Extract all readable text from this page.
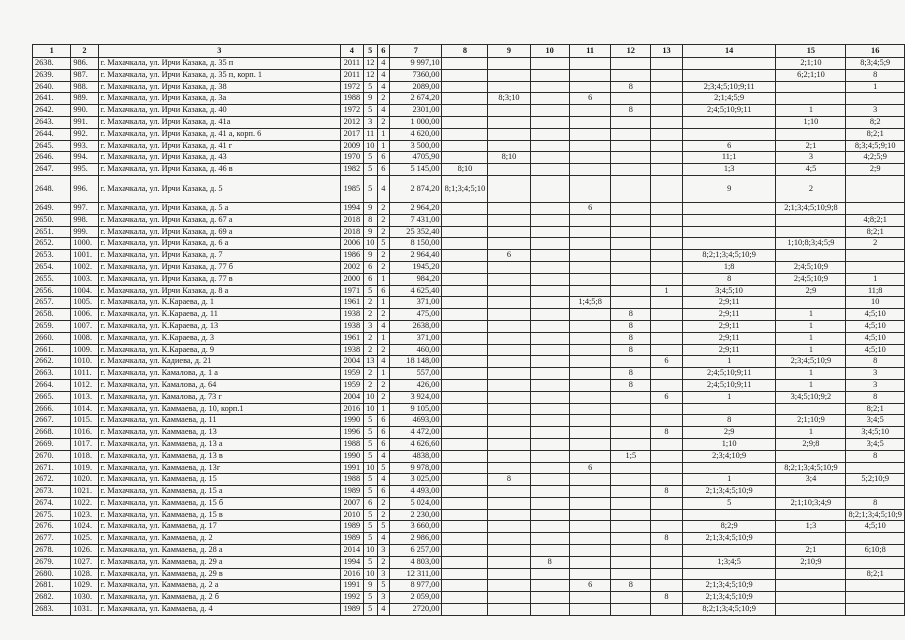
1	2	3	4	5	6	7	8	9	10	11	12	13	14	15	16
2638.	986.	г. Махачкала, ул. Ирчи Казака, д. 35 п	2011	12	4	9 997,10								2;1;10	8;3;4;5;9
2639.	987.	г. Махачкала, ул. Ирчи Казака, д. 35 п, корп. 1	2011	12	4	7360,00								6;2;1;10	8
2640.	988.	г. Махачкала, ул. Ирчи Казака, д. 38	1972	5	4	2089,00					8		2;3;4;5;10;9;11		1
2641.	989.	г. Махачкала, ул. Ирчи Казака, д. 3а	1988	9	2	2 674,20		8;3;10		6			2;1;4;5;9		
2642.	990.	г. Махачкала, ул. Ирчи Казака, д. 40	1972	5	4	2301,00					8		2;4;5;10;9;11	1	3
2643.	991.	г. Махачкала, ул. Ирчи Казака, д. 41а	2012	3	2	1 000,00								1;10	8;2
2644.	992.	г. Махачкала, ул. Ирчи Казака, д. 41 а, корп. 6	2017	11	1	4 620,00									8;2;1
2645.	993.	г. Махачкала, ул. Ирчи Казака, д. 41 г	2009	10	1	3 500,00							6	2;1	8;3;4;5;9;10
2646.	994.	г. Махачкала, ул. Ирчи Казака, д. 43	1970	5	6	4705,90		8;10					11;1	3	4;2;5;9
2647.	995.	г. Махачкала, ул. Ирчи Казака, д. 46 в	1982	5	6	5 145,00	8;10						1;3	4;5	2;9
2648.	996.	г. Махачкала, ул. Ирчи Казака, д. 5	1985	5	4	2 874,20	8;1;3;4;5;10						9	2	
2649.	997.	г. Махачкала, ул. Ирчи Казака, д. 5 а	1994	9	2	2 964,20				6				2;1;3;4;5;10;9;8	
2650.	998.	г. Махачкала, ул. Ирчи Казака, д. 67 а	2018	8	2	7 431,00									4;8;2;1
2651.	999.	г. Махачкала, ул. Ирчи Казака, д. 69 а	2018	9	2	25 352,40									8;2;1
2652.	1000.	г. Махачкала, ул. Ирчи Казака, д. 6 а	2006	10	5	8 150,00								1;10;8;3;4;5;9	2
2653.	1001.	г. Махачкала, ул. Ирчи Казака, д. 7	1986	9	2	2 964,40		6					8;2;1;3;4;5;10;9		
2654.	1002.	г. Махачкала, ул. Ирчи Казака, д. 77 б	2002	6	2	1945,20							1;8	2;4;5;10;9	
2655.	1003.	г. Махачкала, ул. Ирчи Казака, д. 77 в	2000	6	1	984,20							8	2;4;5;10;9	1
2656.	1004.	г. Махачкала, ул. Ирчи Казака, д. 8 а	1971	5	6	4 625,40						1	3;4;5;10	2;9	11;8
2657.	1005.	г. Махачкала, ул. К.Караева, д. 1	1961	2	1	371,00				1;4;5;8			2;9;11		10
2658.	1006.	г. Махачкала, ул. К.Караева, д. 11	1938	2	2	475,00					8		2;9;11	1	4;5;10
2659.	1007.	г. Махачкала, ул. К.Караева, д. 13	1938	3	4	2638,00					8		2;9;11	1	4;5;10
2660.	1008.	г. Махачкала, ул. К.Караева, д. 3	1961	2	1	371,00					8		2;9;11	1	4;5;10
2661.	1009.	г. Махачкала, ул. К.Караева, д. 9	1938	2	2	460,00					8		2;9;11	1	4;5;10
2662.	1010.	г. Махачкала, ул. Кадиева, д. 21	2004	13	4	18 148,00						6	1	2;3;4;5;10;9	8
2663.	1011.	г. Махачкала, ул. Камалова, д. 1 а	1959	2	1	557,00					8		2;4;5;10;9;11	1	3
2664.	1012.	г. Махачкала, ул. Камалова, д. 64	1959	2	2	426,00					8		2;4;5;10;9;11	1	3
2665.	1013.	г. Махачкала, ул. Камалова, д. 73 г	2004	10	2	3 924,00						6	1	3;4;5;10;9;2	8
2666.	1014.	г. Махачкала, ул. Каммаева, д. 10, корп.1	2016	10	1	9 105,00									8;2;1
2667.	1015.	г. Махачкала, ул. Каммаева, д. 11	1990	5	6	4693,00							8	2;1;10;9	3;4;5
2668.	1016.	г. Махачкала, ул. Каммаева, д. 13	1996	5	6	4 472,00						8	2;9	1	3;4;5;10
2669.	1017.	г. Махачкала, ул. Каммаева, д. 13 а	1988	5	6	4 626,60							1;10	2;9;8	3;4;5
2670.	1018.	г. Махачкала, ул. Каммаева, д. 13 в	1990	5	4	4838,00					1;5		2;3;4;10;9		8
2671.	1019.	г. Махачкала, ул. Каммаева, д. 13г	1991	10	5	9 978,00				6				8;2;1;3;4;5;10;9	
2672.	1020.	г. Махачкала, ул. Каммаева, д. 15	1988	5	4	3 025,00		8					1	3;4	5;2;10;9
2673.	1021.	г. Махачкала, ул. Каммаева, д. 15 а	1989	5	6	4 493,00						8	2;1;3;4;5;10;9		
2674.	1022.	г. Махачкала, ул. Каммаева, д. 15 б	2007	6	2	5 024,00							5	2;1;10;3;4;9	8
2675.	1023.	г. Махачкала, ул. Каммаева, д. 15 в	2010	5	2	2 230,00									8;2;1;3;4;5;10;9
2676.	1024.	г. Махачкала, ул. Каммаева, д. 17	1989	5	5	3 660,00							8;2;9	1;3	4;5;10
2677.	1025.	г. Махачкала, ул. Каммаева, д. 2	1989	5	4	2 986,00						8	2;1;3;4;5;10;9		
2678.	1026.	г. Махачкала, ул. Каммаева, д. 28 а	2014	10	3	6 257,00								2;1	6;10;8
2679.	1027.	г. Махачкала, ул. Каммаева, д. 29 а	1994	5	2	4 803,00			8				1;3;4;5	2;10;9	
2680.	1028.	г. Махачкала, ул. Каммаева, д. 29 в	2016	10	3	12 311,00									8;2;1
2681.	1029.	г. Махачкала, ул. Каммаева, д. 2 а	1991	9	5	8 977,00				6	8		2;1;3;4;5;10;9		
2682.	1030.	г. Махачкала, ул. Каммаева, д. 2 б	1992	5	3	2 059,00						8	2;1;3;4;5;10;9		
2683.	1031.	г. Махачкала, ул. Каммаева, д. 4	1989	5	4	2720,00							8;2;1;3;4;5;10;9		
